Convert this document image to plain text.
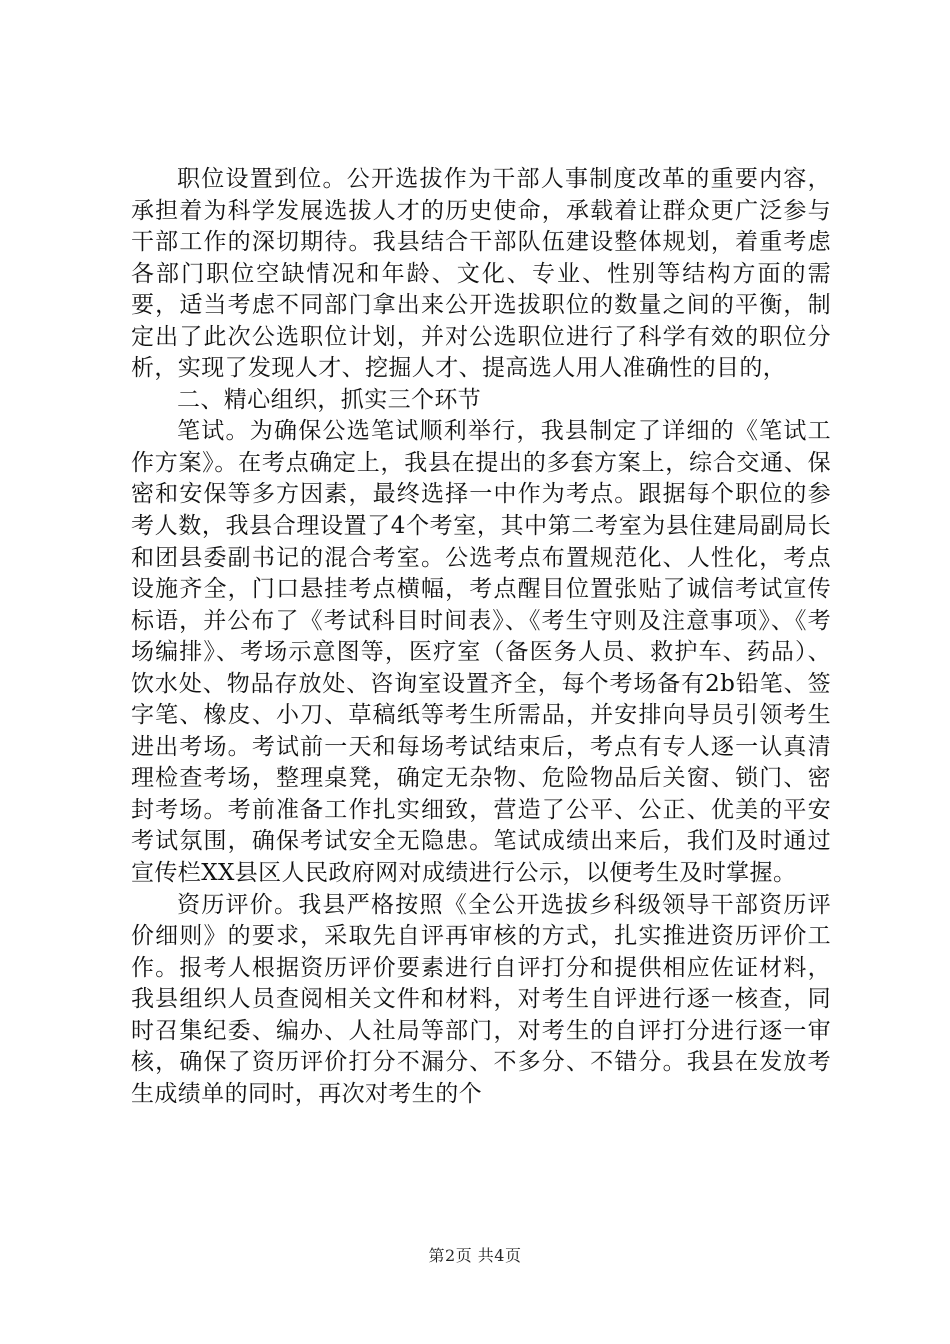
职位设置到位。公开选拔作为干部人事制度改革的重要内容，承担着为科学发展选拔人才的历史使命，承载着让群众更广泛参与干部工作的深切期待。我县结合干部队伍建设整体规划，着重考虑各部门职位空缺情况和年龄、文化、专业、性别等结构方面的需要，适当考虑不同部门拿出来公开选拔职位的数量之间的平衡，制定出了此次公选职位计划，并对公选职位进行了科学有效的职位分析，实现了发现人才、挖掘人才、提高选人用人准确性的目的，

二、精心组织，抓实三个环节

笔试。为确保公选笔试顺利举行，我县制定了详细的《笔试工作方案》。在考点确定上，我县在提出的多套方案上，综合交通、保密和安保等多方因素，最终选择一中作为考点。跟据每个职位的参考人数，我县合理设置了4个考室，其中第二考室为县住建局副局长和团县委副书记的混合考室。公选考点布置规范化、人性化，考点设施齐全，门口悬挂考点横幅，考点醒目位置张贴了诚信考试宣传标语，并公布了《考试科目时间表》、《考生守则及注意事项》、《考场编排》、考场示意图等，医疗室（备医务人员、救护车、药品）、饮水处、物品存放处、咨询室设置齐全，每个考场备有2b铅笔、签字笔、橡皮、小刀、草稿纸等考生所需品，并安排向导员引领考生进出考场。考试前一天和每场考试结束后，考点有专人逐一认真清理检查考场，整理桌凳，确定无杂物、危险物品后关窗、锁门、密封考场。考前准备工作扎实细致，营造了公平、公正、优美的平安考试氛围，确保考试安全无隐患。笔试成绩出来后，我们及时通过宣传栏XX县区人民政府网对成绩进行公示，以便考生及时掌握。

资历评价。我县严格按照《全公开选拔乡科级领导干部资历评价细则》的要求，采取先自评再审核的方式，扎实推进资历评价工作。报考人根据资历评价要素进行自评打分和提供相应佐证材料，我县组织人员查阅相关文件和材料，对考生自评进行逐一核查，同时召集纪委、编办、人社局等部门，对考生的自评打分进行逐一审核，确保了资历评价打分不漏分、不多分、不错分。我县在发放考生成绩单的同时，再次对考生的个

第2页 共4页
